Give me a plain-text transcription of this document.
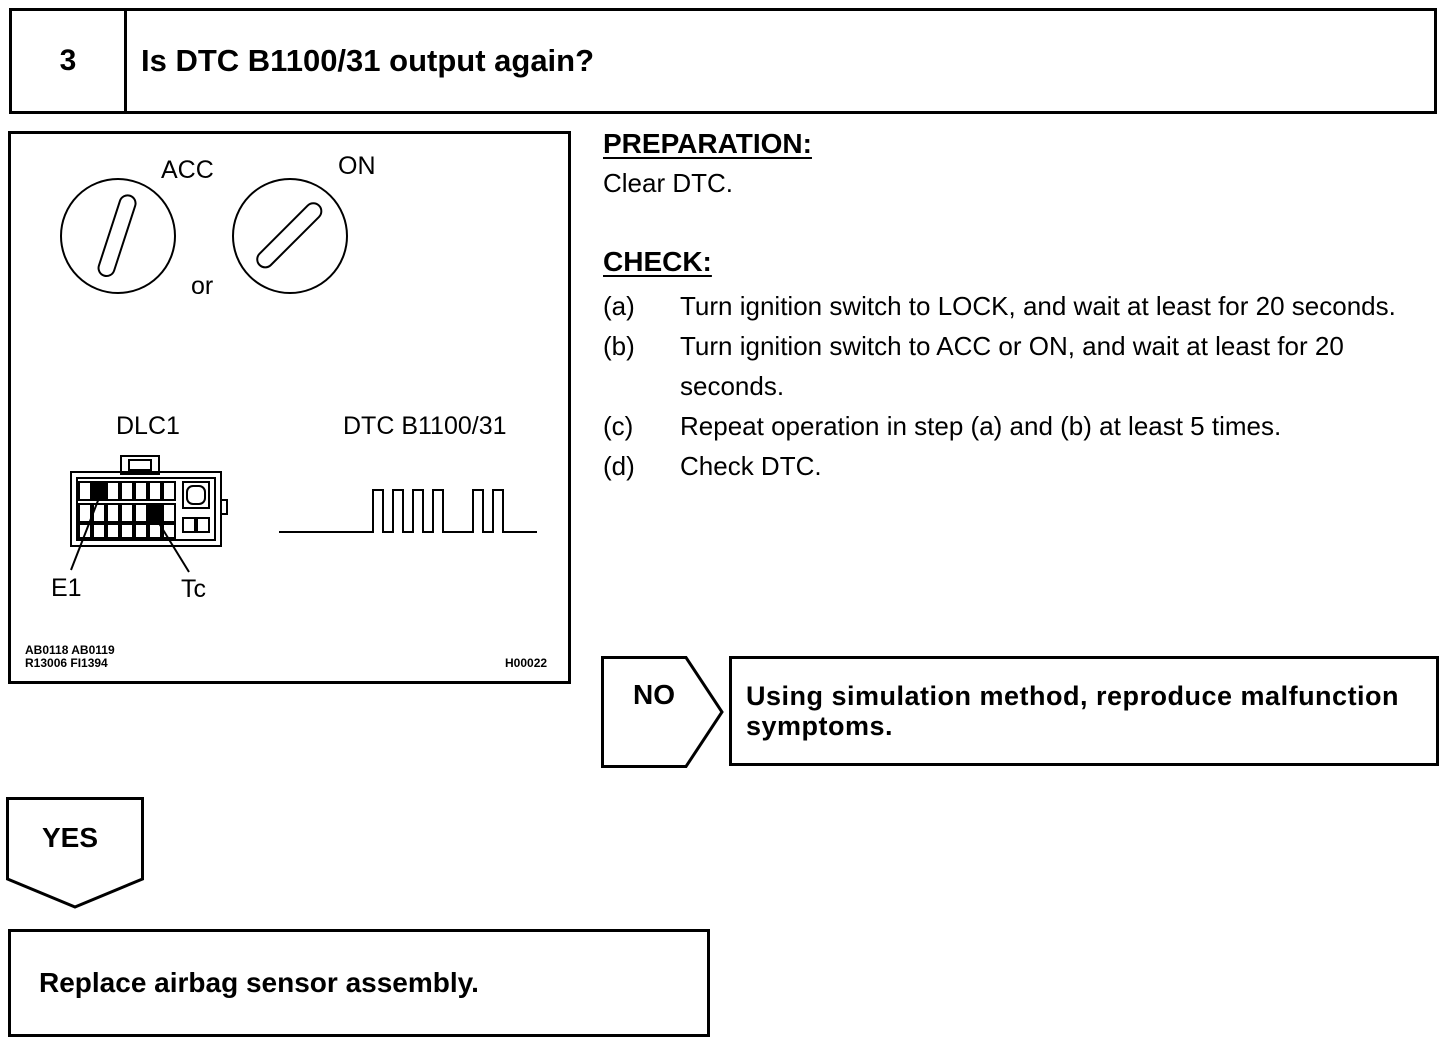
3	Is DTC B1100/31 output again?
ACC	ON
or
DLC1	DTC B1100/31
E1	Tc
AB0118 AB0119
R13006 FI1394	H00022
PREPARATION:
Clear DTC.
CHECK:
(a)	Turn ignition switch to LOCK, and wait at least for 20 seconds.
(b)	Turn ignition switch to ACC or ON, and wait at least for 20 seconds.
(c)	Repeat operation in step (a) and (b) at least 5 times.
(d)	Check DTC.
NO	Using simulation method, reproduce malfunction symptoms.
YES
Replace airbag sensor assembly.
